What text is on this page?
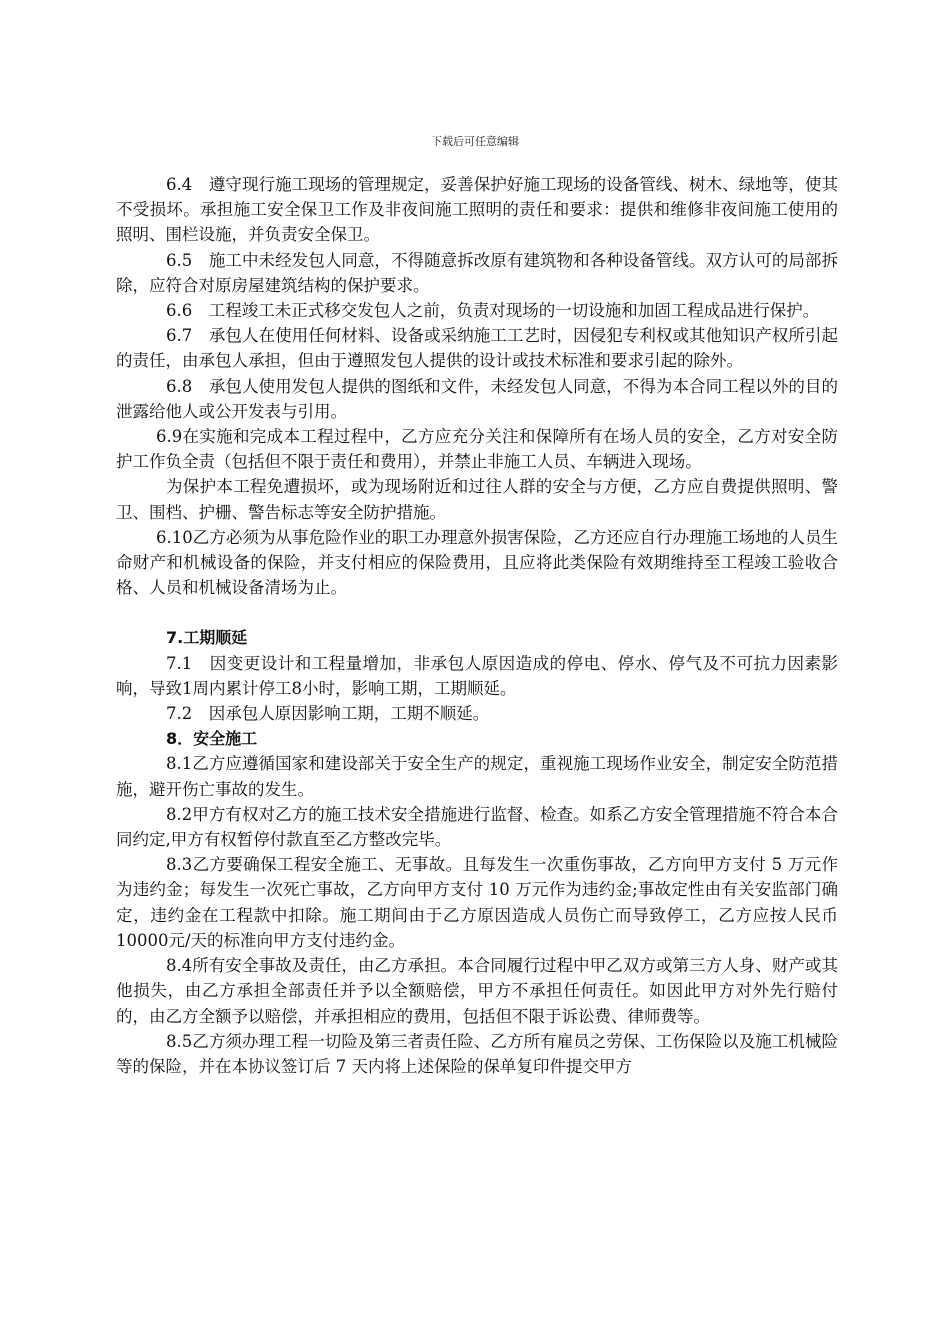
下载后可任意编辑

6.4　遵守现行施工现场的管理规定，妥善保护好施工现场的设备管线、树木、绿地等，使其不受损坏。承担施工安全保卫工作及非夜间施工照明的责任和要求：提供和维修非夜间施工使用的照明、围栏设施，并负责安全保卫。

6.5　施工中未经发包人同意，不得随意拆改原有建筑物和各种设备管线。双方认可的局部拆除，应符合对原房屋建筑结构的保护要求。

6.6　工程竣工未正式移交发包人之前，负责对现场的一切设施和加固工程成品进行保护。

6.7　承包人在使用任何材料、设备或采纳施工工艺时，因侵犯专利权或其他知识产权所引起的责任，由承包人承担，但由于遵照发包人提供的设计或技术标准和要求引起的除外。

6.8　承包人使用发包人提供的图纸和文件，未经发包人同意，不得为本合同工程以外的目的泄露给他人或公开发表与引用。

6.9在实施和完成本工程过程中，乙方应充分关注和保障所有在场人员的安全，乙方对安全防护工作负全责（包括但不限于责任和费用），并禁止非施工人员、车辆进入现场。

为保护本工程免遭损坏，或为现场附近和过往人群的安全与方便，乙方应自费提供照明、警卫、围档、护栅、警告标志等安全防护措施。

6.10乙方必须为从事危险作业的职工办理意外损害保险，乙方还应自行办理施工场地的人员生命财产和机械设备的保险，并支付相应的保险费用，且应将此类保险有效期维持至工程竣工验收合格、人员和机械设备清场为止。

7.工期顺延

7.1　因变更设计和工程量增加，非承包人原因造成的停电、停水、停气及不可抗力因素影响，导致1周内累计停工8小时，影响工期，工期顺延。

7.2　因承包人原因影响工期，工期不顺延。

8．安全施工

8.1乙方应遵循国家和建设部关于安全生产的规定，重视施工现场作业安全，制定安全防范措施，避开伤亡事故的发生。

8.2甲方有权对乙方的施工技术安全措施进行监督、检查。如系乙方安全管理措施不符合本合同约定,甲方有权暂停付款直至乙方整改完毕。

8.3乙方要确保工程安全施工、无事故。且每发生一次重伤事故，乙方向甲方支付 5 万元作为违约金；每发生一次死亡事故，乙方向甲方支付 10 万元作为违约金;事故定性由有关安监部门确定，违约金在工程款中扣除。施工期间由于乙方原因造成人员伤亡而导致停工，乙方应按人民币10000元/天的标准向甲方支付违约金。

8.4所有安全事故及责任，由乙方承担。本合同履行过程中甲乙双方或第三方人身、财产或其他损失，由乙方承担全部责任并予以全额赔偿，甲方不承担任何责任。如因此甲方对外先行赔付的，由乙方全额予以赔偿，并承担相应的费用，包括但不限于诉讼费、律师费等。

8.5乙方须办理工程一切险及第三者责任险、乙方所有雇员之劳保、工伤保险以及施工机械险等的保险，并在本协议签订后 7 天内将上述保险的保单复印件提交甲方
